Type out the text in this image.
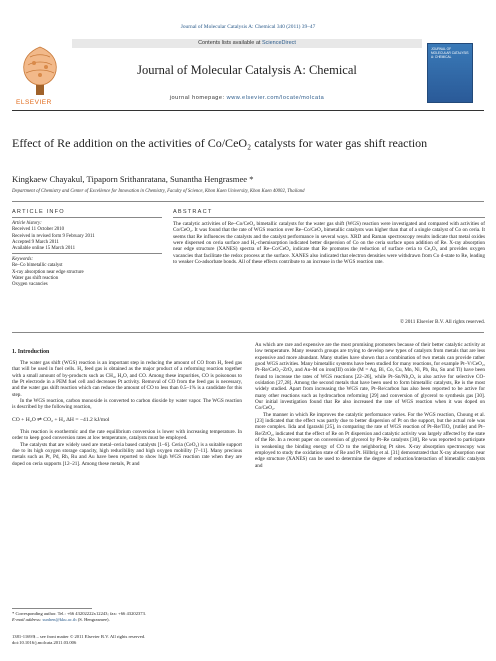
Journal of Molecular Catalysis A: Chemical 340 (2011) 39–47
ELSEVIER
Contents lists available at ScienceDirect
Journal of Molecular Catalysis A: Chemical
journal homepage: www.elsevier.com/locate/molcata
JOURNAL OF MOLECULAR CATALYSIS A: CHEMICAL
Effect of Re addition on the activities of Co/CeO₂ catalysts for water gas shift reaction
Kingkaew Chayakul, Tipaporn Srithanratana, Sunantha Hengrasmee *
Department of Chemistry and Center of Excellence for Innovation in Chemistry, Faculty of Science, Khon Kaen University, Khon Kaen 40002, Thailand
ARTICLE INFO
Article history:
Received 11 October 2010
Received in revised form 9 February 2011
Accepted 9 March 2011
Available online 15 March 2011
Keywords:
Re–Co bimetallic catalyst
X-ray absorption near edge structure
Water gas shift reaction
Oxygen vacancies
ABSTRACT
The catalytic activities of Re–Co/CeO₂ bimetallic catalysts for the water gas shift (WGS) reaction were investigated and compared with activities of Co/CeO₂. It was found that the rate of WGS reaction over Re–Co/CeO₂ bimetallic catalysts was higher than that of a single catalyst of Co on ceria. It seems that Re influences the catalysts and the catalyst performance in several ways. XRD and Raman spectroscopy results indicate that metal oxides were dispersed on ceria surface and H₂-chemisorption indicated better dispersion of Co on the ceria surface upon addition of Re. X-ray absorption near edge structure (XANES) spectra of Re–Co/CeO₂ indicate that Re promotes the reduction of surface ceria to Ce₂O₃ and provides oxygen vacancies that facilitate the redox process at the surface. XANES also indicated that electron densities were withdrawn from Co d-state to Re, leading to weaker Co-adsorbate bonds. All of these effects contribute to an increase in the WGS reaction rate.
© 2011 Elsevier B.V. All rights reserved.
1. Introduction

The water gas shift (WGS) reaction is an important step in reducing the amount of CO from H₂ feed gas that will be used in fuel cells. H₂ feed gas is obtained as the major product of a reforming reaction together with a small amount of by-products such as CH₄, H₂O, and CO. Among these impurities, CO is poisonous to the Pt electrode in a PEM fuel cell and decreases Pt activity. Removal of CO from the feed gas is necessary, and the water gas shift reaction which can reduce the amount of CO to less than 0.5–1% is a candidate for this step.

In the WGS reaction, carbon monoxide is converted to carbon dioxide by water vapor. The WGS reaction is described by the following reaction,

CO + H₂O ⇌ CO₂ + H₂ ΔH = −41.2 kJ/mol

This reaction is exothermic and the rate equilibrium conversion is lower with increasing temperature. In order to keep good conversion rates at low temperature, catalysts must be employed.

The catalysts that are widely used are metal–ceria based catalysts [1–6]. Ceria (CeO₂) is a suitable support due to its high oxygen storage capacity, high reducibility and high oxygen mobility [7–11]. Many precious metals such as Pt, Pd, Rh, Ru and Au have been reported to show high WGS reaction rate when they are doped on ceria supports [12–21]. Among these metals, Pt and

Au which are rare and expensive are the most promising promoters because of their better catalytic activity at low temperature. Many research groups are trying to develop new types of catalysts from metals that are less expensive and more abundant. Many studies have shown that a combination of two metals can provide rather good WGS activities. Many bimetallic systems have been studied for many reactions, for example Pt–V/CeO₂, Pt–Re/CeO₂–ZrO₂ and Au–M on iron(III) oxide (M = Ag, Bi, Co, Cu, Mn, Ni, Pb, Ru, Sn and Tl) have been found to increase the rates of WGS reactions [22–26], while Pt–Sn/Nb₂O₅ is also active for selective CO-oxidation [27,28]. Among the second metals that have been used to form bimetallic catalysts, Re is the most widely studied. Apart from increasing the WGS rate, Pt–Re/carbon has also been reported to be active for many other reactions such as hydrocarbon reforming [29] and conversion of glycerol to synthesis gas [30]. Our initial investigation found that Re also increased the rate of WGS reaction when it was doped on Co/CeO₂.

The manner in which Re improves the catalytic performance varies. For the WGS reaction, Choung et al. [23] indicated that the effect was partly due to better dispersion of Pt on the support, but the actual role was more complex. Iida and Igarashi [25], in comparing the rate of WGS reaction of Pt–Re/TiO₂ (rutile) and Pt–Re/ZrO₂, indicated that the effect of Re on Pt dispersion and catalytic activity was largely affected by the state of the Re. In a recent paper on conversion of glycerol by Pt–Re catalysts [30], Re was reported to participate in weakening the binding energy of CO to the neighboring Pt sites. X-ray absorption spectroscopy was employed to study the oxidation state of Re and Pt. Hilbrig et al. [31] demonstrated that X-ray absorption near edge structure (XANES) can be used to determine the degree of reduction/interaction of bimetallic catalysts and

* Corresponding author. Tel.: +66 43202222x12243; fax: +66 43202373.
E-mail address: sunhen@kku.ac.th (S. Hengrasmee).
1381-1169/$ – see front matter © 2011 Elsevier B.V. All rights reserved.
doi:10.1016/j.molcata.2011.03.006
